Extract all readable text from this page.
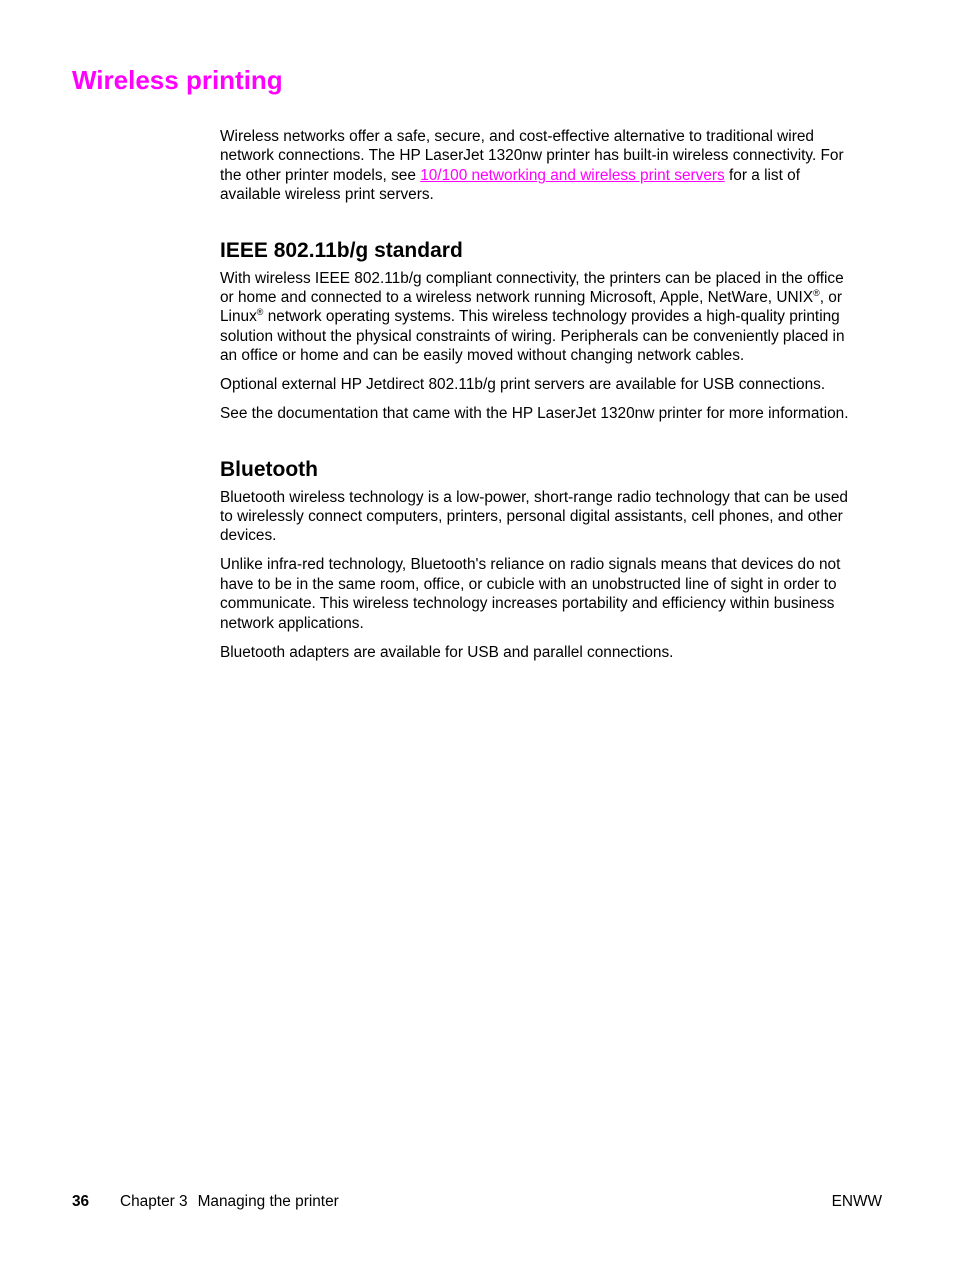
Wireless printing

Wireless networks offer a safe, secure, and cost-effective alternative to traditional wired
network connections. The HP LaserJet 1320nw printer has built-in wireless connectivity. For
the other printer models, see 10/100 networking and wireless print servers for a list of
available wireless print servers.

IEEE 802.11b/g standard

With wireless IEEE 802.11b/g compliant connectivity, the printers can be placed in the office
or home and connected to a wireless network running Microsoft, Apple, NetWare, UNIX®, or
Linux® network operating systems. This wireless technology provides a high-quality printing
solution without the physical constraints of wiring. Peripherals can be conveniently placed in
an office or home and can be easily moved without changing network cables.

Optional external HP Jetdirect 802.11b/g print servers are available for USB connections.

See the documentation that came with the HP LaserJet 1320nw printer for more information.

Bluetooth

Bluetooth wireless technology is a low-power, short-range radio technology that can be used
to wirelessly connect computers, printers, personal digital assistants, cell phones, and other
devices.

Unlike infra-red technology, Bluetooth's reliance on radio signals means that devices do not
have to be in the same room, office, or cubicle with an unobstructed line of sight in order to
communicate. This wireless technology increases portability and efficiency within business
network applications.

Bluetooth adapters are available for USB and parallel connections.

36 Chapter 3 Managing the printer	ENWW
